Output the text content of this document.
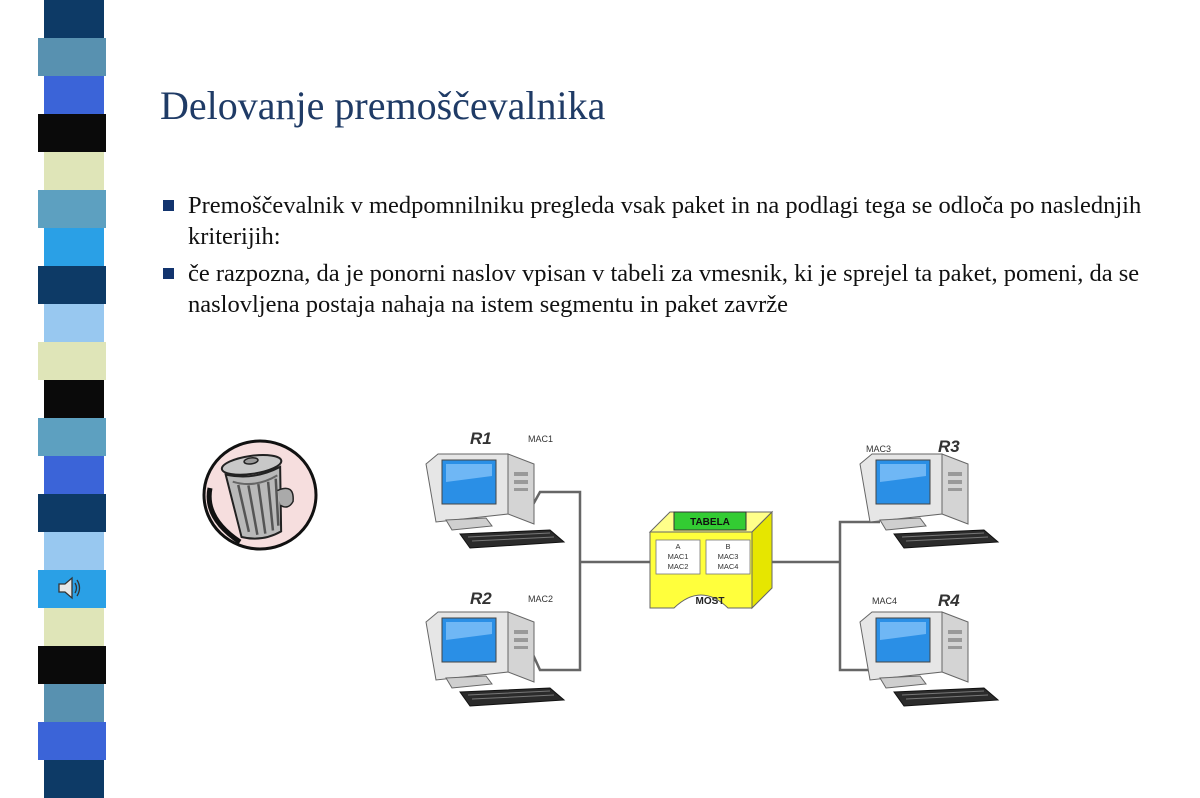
Delovanje premoščevalnika
Premoščevalnik v medpomnilniku pregleda vsak paket in na podlagi tega se odloča po naslednjih kriterijih:
če razpozna, da je ponorni naslov vpisan v tabeli za vmesnik, ki je sprejel ta paket, pomeni, da se naslovljena postaja nahaja na istem segmentu in paket zavrže
R1	MAC1
R2	MAC2
R3
MAC3
R4
MAC4
TABELA
A
MAC1
MAC2
B
MAC3
MAC4
MOST
